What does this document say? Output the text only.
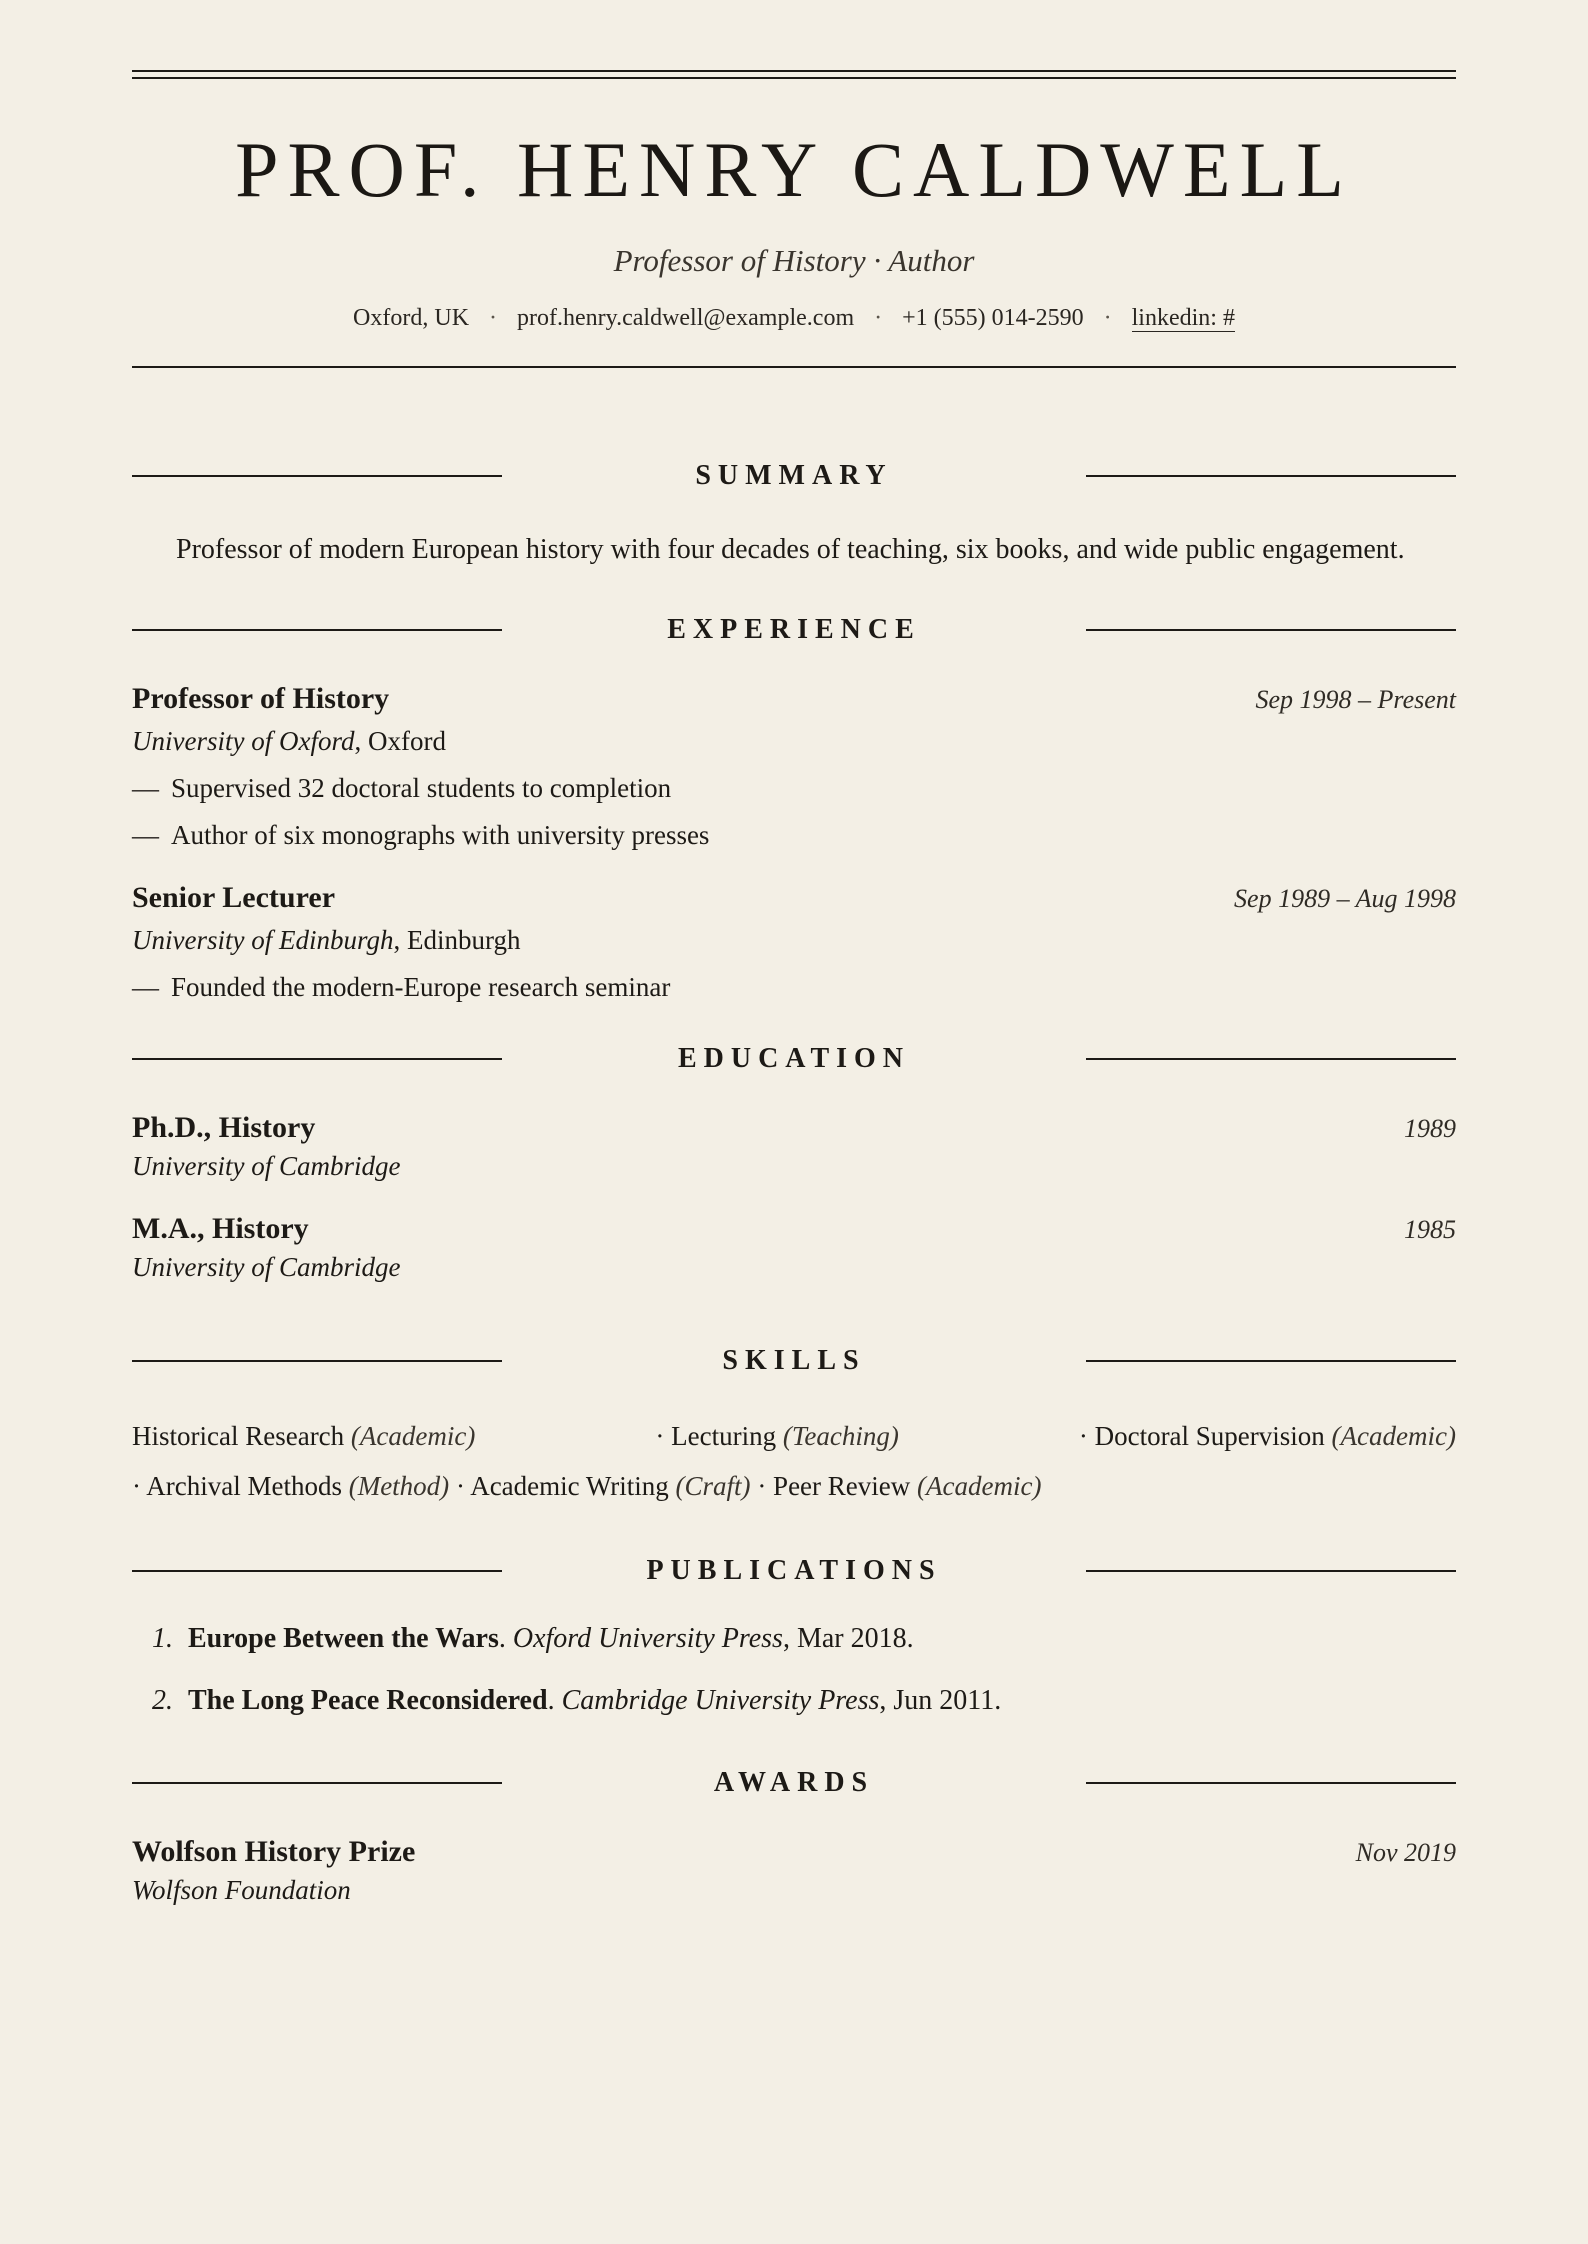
PROF. HENRY CALDWELL
Professor of History · Author
Oxford, UK · prof.henry.caldwell@example.com · +1 (555) 014-2590 · linkedin: #
SUMMARY
Professor of modern European history with four decades of teaching, six books, and wide public engagement.
EXPERIENCE
Professor of History	Sep 1998 – Present
University of Oxford, Oxford
— Supervised 32 doctoral students to completion
— Author of six monographs with university presses
Senior Lecturer	Sep 1989 – Aug 1998
University of Edinburgh, Edinburgh
— Founded the modern-Europe research seminar
EDUCATION
Ph.D., History	1989
University of Cambridge
M.A., History	1985
University of Cambridge
SKILLS
Historical Research (Academic)	· Lecturing (Teaching)	· Doctoral Supervision (Academic)
· Archival Methods (Method) · Academic Writing (Craft) · Peer Review (Academic)
PUBLICATIONS
1. Europe Between the Wars. Oxford University Press, Mar 2018.
2. The Long Peace Reconsidered. Cambridge University Press, Jun 2011.
AWARDS
Wolfson History Prize	Nov 2019
Wolfson Foundation
